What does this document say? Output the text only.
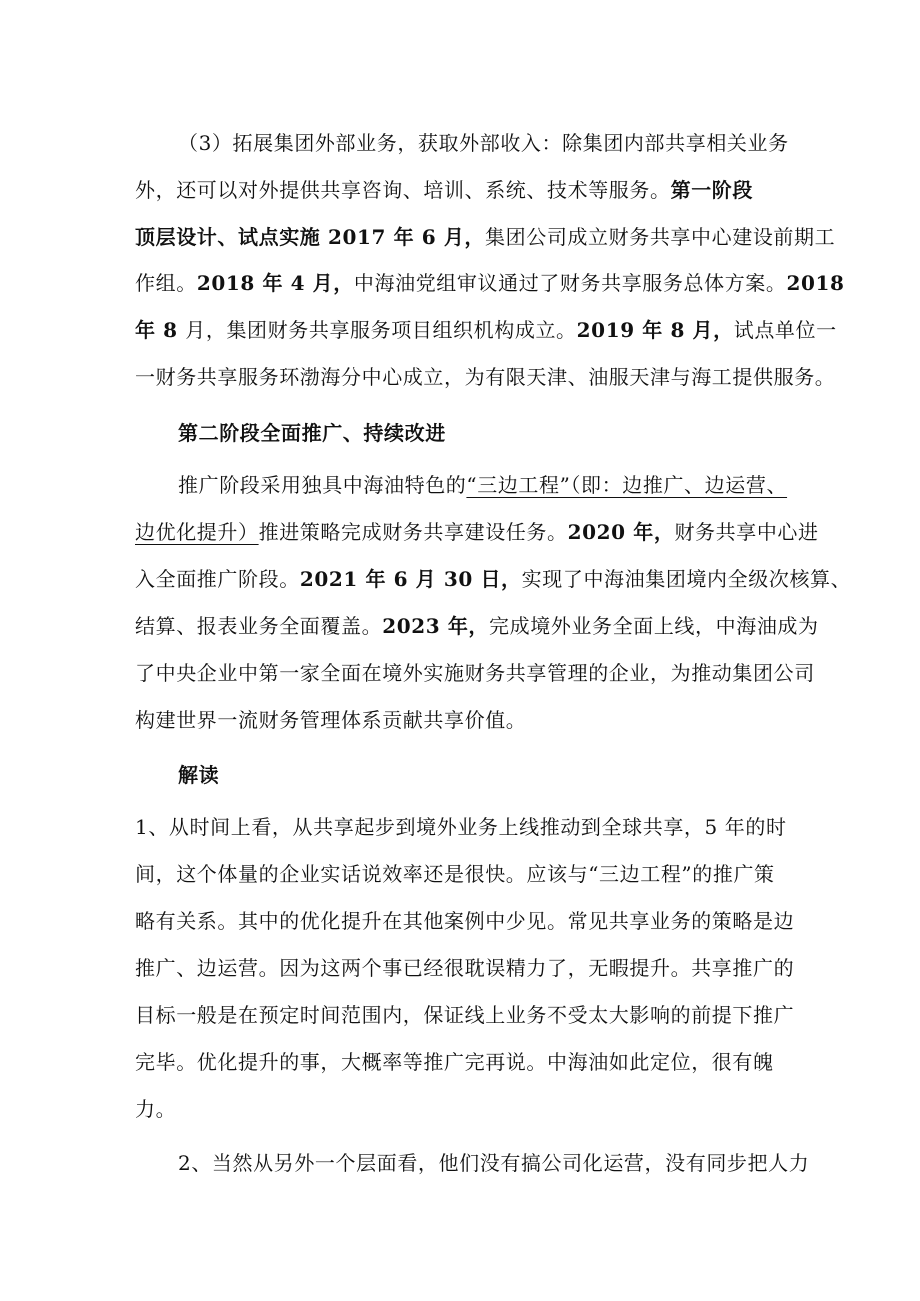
（3）拓展集团外部业务，获取外部收入：除集团内部共享相关业务
外，还可以对外提供共享咨询、培训、系统、技术等服务。第一阶段
顶层设计、试点实施 2017 年 6 月，集团公司成立财务共享中心建设前期工
作组。2018 年 4 月，中海油党组审议通过了财务共享服务总体方案。2018
年 8 月，集团财务共享服务项目组织机构成立。2019 年 8 月，试点单位一
一财务共享服务环渤海分中心成立，为有限天津、油服天津与海工提供服务。
第二阶段全面推广、持续改进
推广阶段采用独具中海油特色的“三边工程”（即：边推广、边运营、
边优化提升）推进策略完成财务共享建设任务。2020 年，财务共享中心进
入全面推广阶段。2021 年 6 月 30 日，实现了中海油集团境内全级次核算、
结算、报表业务全面覆盖。2023 年，完成境外业务全面上线，中海油成为
了中央企业中第一家全面在境外实施财务共享管理的企业，为推动集团公司
构建世界一流财务管理体系贡献共享价值。
解读
1、从时间上看，从共享起步到境外业务上线推动到全球共享，5 年的时
间，这个体量的企业实话说效率还是很快。应该与“三边工程”的推广策
略有关系。其中的优化提升在其他案例中少见。常见共享业务的策略是边
推广、边运营。因为这两个事已经很耽误精力了，无暇提升。共享推广的
目标一般是在预定时间范围内，保证线上业务不受太大影响的前提下推广
完毕。优化提升的事，大概率等推广完再说。中海油如此定位，很有魄
力。
2、当然从另外一个层面看，他们没有搞公司化运营，没有同步把人力
